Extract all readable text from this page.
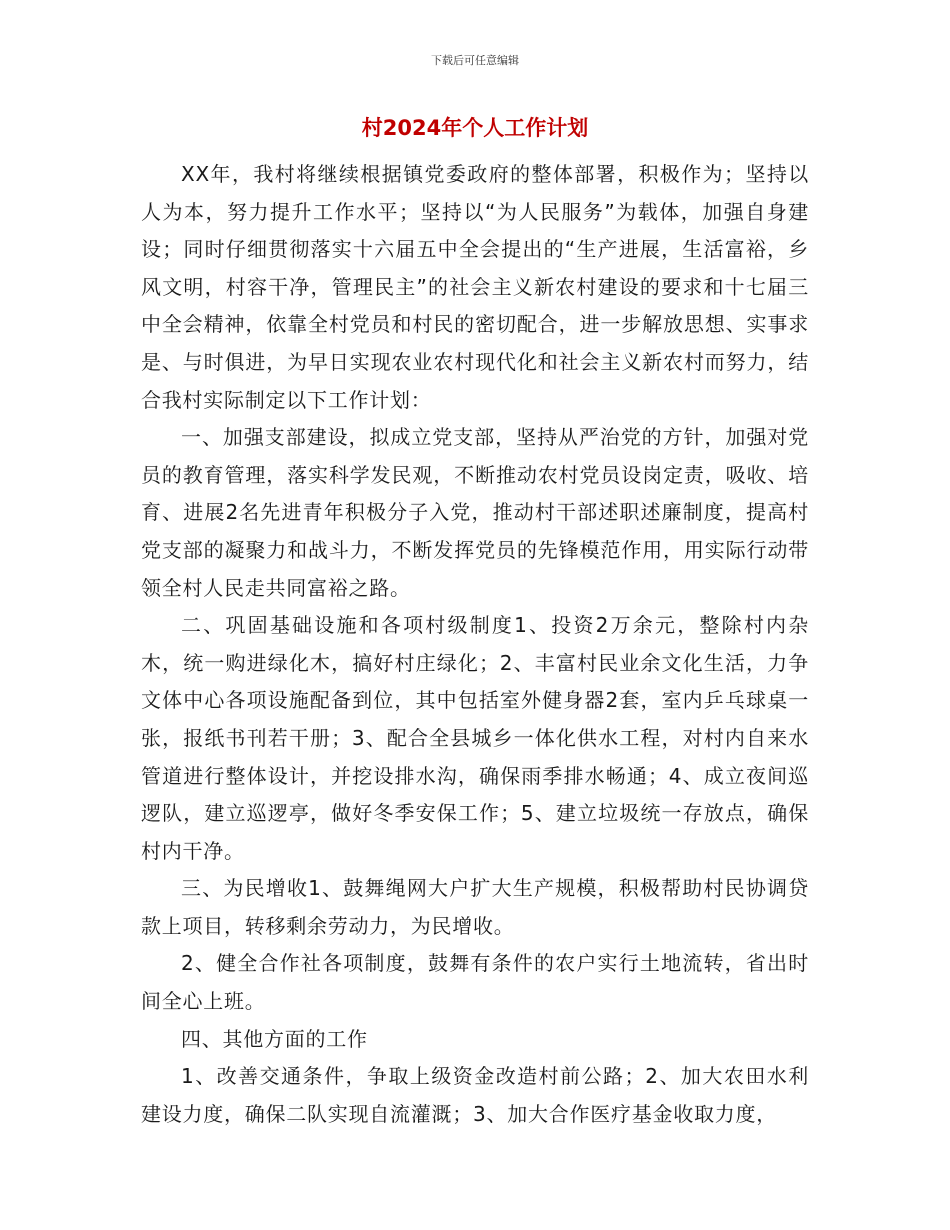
下载后可任意编辑
村2024年个人工作计划

XX年，我村将继续根据镇党委政府的整体部署，积极作为；坚持以人为本，努力提升工作水平；坚持以“为人民服务”为载体，加强自身建设；同时仔细贯彻落实十六届五中全会提出的“生产进展，生活富裕，乡风文明，村容干净，管理民主”的社会主义新农村建设的要求和十七届三中全会精神，依靠全村党员和村民的密切配合，进一步解放思想、实事求是、与时俱进，为早日实现农业农村现代化和社会主义新农村而努力，结合我村实际制定以下工作计划：

一、加强支部建设，拟成立党支部，坚持从严治党的方针，加强对党员的教育管理，落实科学发民观，不断推动农村党员设岗定责，吸收、培育、进展2名先进青年积极分子入党，推动村干部述职述廉制度，提高村党支部的凝聚力和战斗力，不断发挥党员的先锋模范作用，用实际行动带领全村人民走共同富裕之路。

二、巩固基础设施和各项村级制度1、投资2万余元，整除村内杂木，统一购进绿化木，搞好村庄绿化；2、丰富村民业余文化生活，力争文体中心各项设施配备到位，其中包括室外健身器2套，室内乒乓球桌一张，报纸书刊若干册；3、配合全县城乡一体化供水工程，对村内自来水管道进行整体设计，并挖设排水沟，确保雨季排水畅通；4、成立夜间巡逻队，建立巡逻亭，做好冬季安保工作；5、建立垃圾统一存放点，确保村内干净。

三、为民增收1、鼓舞绳网大户扩大生产规模，积极帮助村民协调贷款上项目，转移剩余劳动力，为民增收。

2、健全合作社各项制度，鼓舞有条件的农户实行土地流转，省出时间全心上班。

四、其他方面的工作

1、改善交通条件，争取上级资金改造村前公路；2、加大农田水利建设力度，确保二队实现自流灌溉；3、加大合作医疗基金收取力度，
